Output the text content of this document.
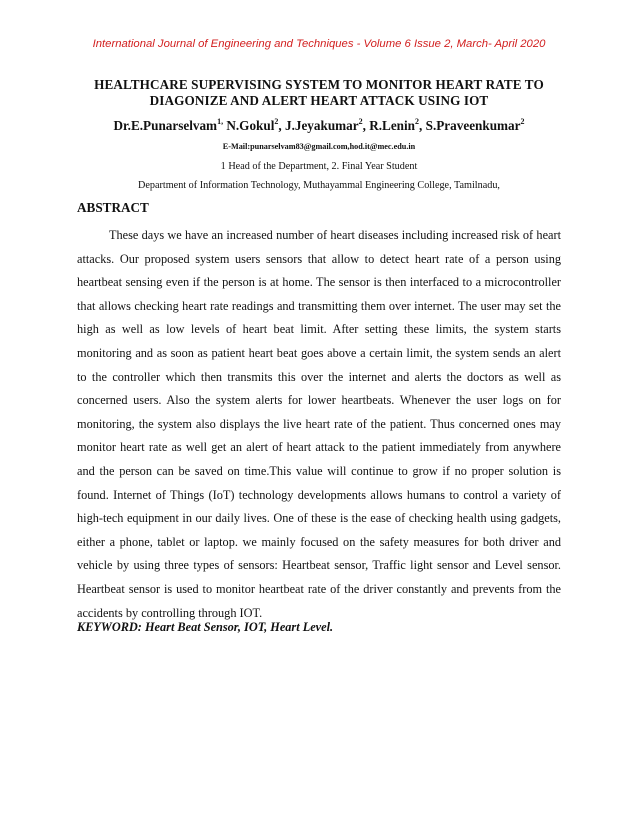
International Journal of Engineering and Techniques - Volume 6 Issue 2, March- April 2020
HEALTHCARE SUPERVISING SYSTEM TO MONITOR HEART RATE TO
DIAGONIZE AND ALERT HEART ATTACK USING IOT
Dr.E.Punarselvam$^{1,}$ N.Gokul$^2$, J.Jeyakumar$^2$, R.Lenin$^2$, S.Praveenkumar$^2$
E-Mail:punarselvam83@gmail.com,hod.it@mec.edu.in
1 Head of the Department, 2. Final Year Student
Department of Information Technology, Muthayammal Engineering College, Tamilnadu,
ABSTRACT

These days we have an increased number of heart diseases including increased risk of heart attacks. Our proposed system users sensors that allow to detect heart rate of a person using heartbeat sensing even if the person is at home. The sensor is then interfaced to a microcontroller that allows checking heart rate readings and transmitting them over internet. The user may set the high as well as low levels of heart beat limit. After setting these limits, the system starts monitoring and as soon as patient heart beat goes above a certain limit, the system sends an alert to the controller which then transmits this over the internet and alerts the doctors as well as concerned users. Also the system alerts for lower heartbeats. Whenever the user logs on for monitoring, the system also displays the live heart rate of the patient. Thus concerned ones may monitor heart rate as well get an alert of heart attack to the patient immediately from anywhere and the person can be saved on time.This value will continue to grow if no proper solution is found. Internet of Things (IoT) technology developments allows humans to control a variety of high-tech equipment in our daily lives. One of these is the ease of checking health using gadgets, either a phone, tablet or laptop. we mainly focused on the safety measures for both driver and vehicle by using three types of sensors: Heartbeat sensor, Traffic light sensor and Level sensor. Heartbeat sensor is used to monitor heartbeat rate of the driver constantly and prevents from the accidents by controlling through IOT.

KEYWORD: Heart Beat Sensor, IOT, Heart Level.
